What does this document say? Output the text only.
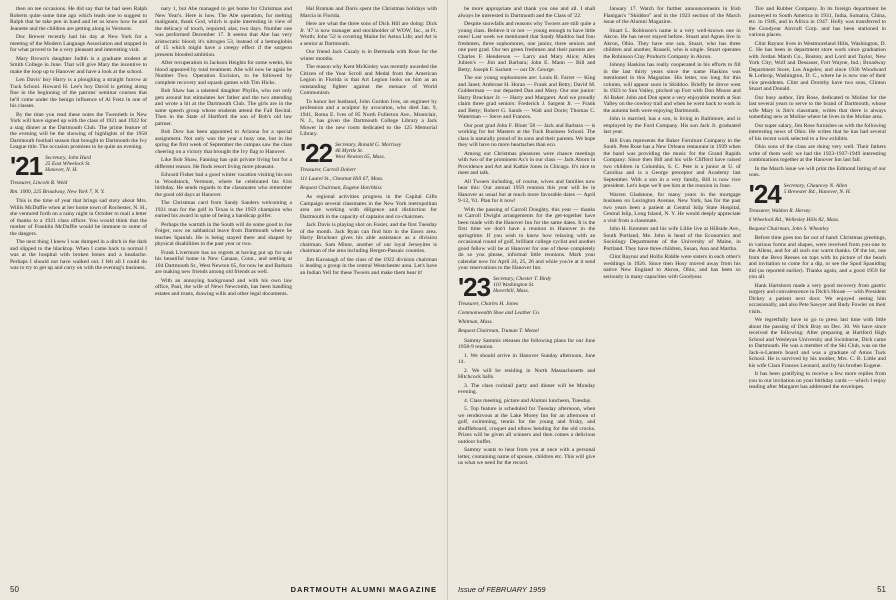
then on tee occasions. He did say that he had seen Ralph Roberts quite some time ago which leads one to suggest to Ralph that he take pen in hand and let us know how he and Jeanette and the children are getting along in Vermont.

Doc Brewer recently had his day at New York for a meeting of the Modern Language Association and stopped in for what proved to be a very pleasant and interesting visit.

Mary Brown's daughter Judith is a graduate student at Smith College in June. That will give Mary the incentive to make the loop up to Hanover and have a look at the school.

Len Davis' boy Harry is a ploughing a straight furrow at Tuck School. Howard H. Lee's boy David is getting along fine in the beginning of the patrons' seminar courses that he'll come under the benign influence of Al Fretz in one of his classes.

By the time you read these notes the Twentieth in New York will have signed up with the class of 1921 and 1922 for a stag dinner at the Dartmouth Club. The prime feature of the evening will be the showing of highlights of the 1958 Dartmouth football season that brought to Dartmouth the Ivy League title. The occasion promises to be quite an evening.

'21 Secretary, John Hurd
25 East Wheelock St.
Hanover, N. H.
Treasurer, Lincoln R. Weld
Rm. 1000, 225 Broadway, New York 7, N. Y.

This is the time of year that brings sad story about Mrs. Willis McDuffie when at her home town of Rochester, N. H., she ventured forth on a rainy night in October to mail a letter of thanks to a 1921 class officer. You would think that the mother of Franklin McDuffie would be immune to some of the dangers.

The next thing I knew I was dumped in a ditch in the dark and slipped to the blacktop. When I came back to normal I was at the hospital with broken bones and a headache. Perhaps I should not have walked out. I felt all I could do was to try to get up and carry on with the evening's business.

nary 1, but Abe managed to get home for Christmas and New Year's. Here is how. The Abe operation, for melting malignant, thank God, which is quite interesting in view of the delicacy of touch, required, alas, two days. Number one was performed December 17. It seems that Abe has very aristocratic blood; it's nitrogen 53, instead of a hemoglobin of 15 which might have a creepy effect if the surgeon presents blooded ambition.

After recuperation in Jackson Heights for some weeks, his blood appeared by total treatment. Abe will now be again be Number Two. Operation Excision, to be followed by complete recovery and squash games with Tim Hicks.

Bob Shaw has a talented daughter Phyllis, who not only gets around but stimulates her father and the two attending and wrote a hit at the Dartmouth Club. The girls are in the same speech group whose students attend the Fall Recital. Then in the State of Hartford the son of Bob's old law partner.

Bob Dow has been appointed to Arizona for a special assignment. Not only was the year a busy one, but in the spring the first week of September the campus saw the class cheering on a victory that brought the Ivy flag to Hanover.

Like Bob Shaw, Fanning has quit private living but for a different reason. He finds resort living more pleasant.

Edward Fisher had a good winter vacation visiting his son in Woodstock, Vermont, where he celebrated his 61st birthday. He sends regards to the classmates who remember the good old days at Hanover.

The Christmas card from Sandy Sanders welcoming a 1921 man for the golf in Texas is the 1959 champion who earned his award in spite of being a handicap golfer.

Perhaps the warmth in the South will do some good to Joe Folger, now on sabbatical leave from Dartmouth where he teaches Spanish. He is being stayed there and shaped by physical disabilities in the past year or two.

Frank Livermore has no regrets at having put up for sale his beautiful home in New Canaan, Conn., and settling at 104 Dartmouth St., West Newton 65, for now he and Barbara are making new friends among old friends as well.

With an annoying background and with his own law office, Paul, the wife of Newt Newcomb, has been handling estates and trusts, drawing wills and other legal documents.

Hal Braman and Doris spent the Christmas holidays with Marcia in Florida.

Here are what the three sons of Dick Hill are doing: Dick Jr. '47 is now manager and stockholder of WOW, Inc., at Ft. Worth; John '52 is covering Maine for Aetna Life; and Art is a senior at Dartmouth.

Our friend Jack Cazaly is in Bermuda with Rose for the winter months.

The reason why Kent McKinley was recently awarded the Citizen of the Year Scroll and Medal from the American Legion in Florida is that Art Legion looks on him as an outstanding fighter against the menace of World Communism.

To honor her husband, John Gordon Ives, an engineer by profession and a sculptor by avocation, who died Jan. 9, 1941, Roma E. Ives of 85 North Fullerton Ave., Montclair, N. J., has given the Dartmouth College Library a Jack Mower in the new room dedicated to the 125 Memorial Library.

'22 Secretary, Ronald G. Morrisey
46 Myrtle St.
West Newton 65, Mass.
Treasurer, Carroll Doberr
111 Laurel St., Chestnut Hill 67, Mass.
Bequest Chairman, Eugene Hotchkiss

As regional activities progress in the Capital Gifts Campaign several classmates in the New York metropolitan area are working with diligence and distinction for Dartmouth in the capacity of captains and co-chairmen.

Jack Davis is playing shot on Foster, and the first Tuesday of the month. Jack Ryan can find him in the Essex area. Harry Bruckner gives his able assistance as a division chairman. Sam Minor, another of our loyal Jerseyites is chairman of the area including Bergen-Passaic counties.

Jim Kavanagh of the class of the 1922 division chairman is leading a group in the central Westchester area. Let's have an Indian Yell for these Twoers and make them hear it!

50	DARTMOUTH ALUMNI MAGAZINE

be more appropriate and thank you one and all. I shall always be interested in Dartmouth and the Class of '22.

Despite snowfalls and reasons why Twoers are still quite a young class. Believe it or not — young enough to have little ones! Last week we mentioned that Sandy Maddox had four freshmen, three sophomores, one junior, three seniors and one post grad. Our ten green freshmen and their parents are: Charles F. Henderson — Larry and Mary Alice; Allen Jubien's — Jim and Barbara; John E. Mann — Bill and Betty; Joseph F. Sackett — our Dr. George.

The our young sophomores are: Louis B. Farrer — King and Janet; Ambrose H. Horan — Frank and Betty; David M. Gubberman — our departed Dan and Mary. Our one junior: Harry Bruckner Jr. — Harry and Margaret. And we proudly claim three grad seniors: Frederick J. Sargent Jr. — Frank and Betty; Robert G. Sands — Walt and Dorie; Thomas C. Waterman — Steve and Frances.

Our post grad John F. Blunt '58 — Jack and Barbara — is working for her Masters at the Tuck Business School. The class is naturally proud of its sons and their parents. We hope they will have no more heartaches than eco.

Among our Christmas pleasures were chance meetings with two of the prominent Ax's in our class — Jack Aborn in Providence and Art and Kathie Jones in Chicago. It's nice to meet and talk.

All Twoers including, of course, wives and families now hear this: Our annual 1959 reunion this year will be in Hanover as usual but at much more favorable dates — April 9-12, '61. Plan for it now!

With the passing of Carroll Doughty, this year — thanks to Carroll Dwight arrangements for the get-together have been made with the Hanover Inn for the same dates. It is the first time we don't have a reunion in Hanover in the springtime. If you wish to know how relaxing with an occasional round of golf, brilliant college cyclist and another good fellow will be at Hanover for one of these completely do so you please, informal little reunions. Mark your calendar now for April 24, 25, 26 and while you're at it send your reservations to the Hanover Inn.

'23 Secretary, Chester T. Birdy
110 Washington St.
Haverhill, Mass.
Treasurer, Charles H. Jones
Commonwealth Shoe and Leather Co.
Whitman, Mass.
Bequest Chairman, Truman T. Metzel

Sammy Sammis releases the following plans for our June 1958-9 reunion.

1. We should arrive in Hanover Sunday afternoon, June 14.

2. We will be residing in North Massachusetts and Hitchcock halls.

3. The class cocktail party and dinner will be Monday evening.

4. Class meeting, picture and Alumni luncheon, Tuesday.

5. Top feature is scheduled for Tuesday afternoon, when we rendezvous at the Lake Morey Inn for an afternoon of golf, swimming, tennis for the young and frisky, and shuffleboard, croquet and elbow bending for the old crocks. Prizes will be given all winners and then comes a delicious outdoor buffet.

Sammy wants to hear from you at once with a personal letter, containing name of spouse, children etc. This will give us what we need for the record.

January 17. Watch for further announcements in Irish Flanigan's "Skiddoo" and in the 1923 section of the March issue of the Alumni Magazine.

Stuart L. Robinson's name is a very well-known one in Akron. He has never stayed before. Stuart and Agnes live in Akron, Ohio. They have one son, Stuart, who has three children and another, Russell, who is single. Stuart operates the Robinson Clay Products Company in Akron.

Johnny Haskins has really cooperated in his efforts to fill in the last thirty years since the name Haskins was mentioned in this Magazine. His letter, too long for this column, will appear soon in Skiddoo. Briefly he drove west in 1923 to Sun Valley, pitched up Fort with Don Moore and Al Baker. John and Don spent a very enjoyable month at Sun Valley on the cowboy trail and when he went back to work in the autumn both were enjoying Dartmouth.

John is married, has a son, is living in Baltimore, and is employed by the Ford Company. His son Jack Jr. graduated last year.

Bill Evan represents the Baker Furniture Company in the South. Pete Rose has a New Orleans restaurant in 1939 when the band was providing the music for the Grand Rapids Company. Since then Bill and his wife Clifford have raised two children in Columbia, S. C. Pete is a junior at U. of Carolina and is a George preceptor and Academy last September. With a son in a very family, Bill is now vice president. Let's hope we'll see him at the reunion in June.

Warren Gladstone, for many years in the mortgage business on Lexington Avenue, New York, has for the past two years been a patient at Central Islip State Hospital, Central Islip, Long Island, N. Y. He would deeply appreciate a visit from a classmate.

John H. Kemmer and his wife Lillie live at Hillside Ave., South Portland, Me. John is head of the Economics and Sociology Departments of the University of Maine, in Portland. They have three children, Susan, Ann and Martha.

Clint Raynor and Hollis Riddle were sisters in each other's weddings in 1926. Since then Hosy moved away from his native New England to Akron, Ohio, and has been so seriously in many capacities with Goodyear.

Tire and Rubber Company. In its foreign department he journeyed to South America in 1931, India, Sumatra, China, etc. in 1946, and in Africa in 1947. Holly was transferred to the Goodyear Aircraft Corp. and has been stationed in various places.

Clint Raynor lives in Westmoreland Hills, Washington, D. C. He has been in department store work since graduation with Jordan Marsh Co., Boston; and Lord and Taylor, New York City; Wolf and Dessauer, Fort Wayne, Ind.; Broadway Department Store, Los Angeles; and since 1936 Woodward & Lothrop, Washington, D. C., where he is now one of their vice presidents. Clint and Dorothy have two sons, Clinton Stuart and Donald.

Our busy author, Jim Rose, dedicated to Moline for the last several years to serve to the brand of Dartmouth, whose wife Mary is Jim's classmate, writes that there is always something new at Moline where he lives in the Moline area.

Our super salary, Jim Rose furnishes us with the following interesting news of Ohio. He writes that he has had several of his recent work selected to a few exhibits.

Ohio sons of the class are doing very well. Their fathers write of them well: we had the 1923-1937-1949 interesting combinations together at the Hanover Inn last fall.

In the March issue we will print the Edmond listing of our sons.

'24 Secretary, Chauncey N. Allen
5 Brewster Rd., Hanover, N. H.
Treasurer, Waldon R. Hersey
6 Wheelock Rd., Wellesley Hills 82, Mass.
Bequest Chairman, John S. Wheatley

Before time goes too far out of hand: Christmas greetings, in various forms and shapes, were received from you-one to the Allens, and for all such our warm thanks. Of the lot, one from the Bevo Reeses on tops with its picture of the beach and invitation to come for a dip, or see the Spud Spaulding did (as reported earlier). Thanks again, and a good 1959 for you all.

Hank Hartshorn made a very good recovery from gastric surgery and convalescence in Dick's House — with President Dickey a patient next door. We enjoyed seeing him occasionally, and also Pete Sawyer and Rudy Fowler on their visits.

We regretfully have to go to press last time with little about the passing of Dick Bray on Dec. 30. We have since received the following: After preparing at Hartford High School and Wesleyan University and Swinburne, Dick came to Dartmouth. He was a member of the Ski Club, was on the Jack-o-Lantern board and was a graduate of Amos Tuck School. He is survived by his mother, Mrs. C. B. Little and his wife Clara Frances Leonard, and by his brother Eugene.

It has been gratifying to receive a few more replies from you to our invitation on your birthday cards — which I enjoy reading after Margaret has addressed the envelopes.

Issue of FEBRUARY 1959	51
